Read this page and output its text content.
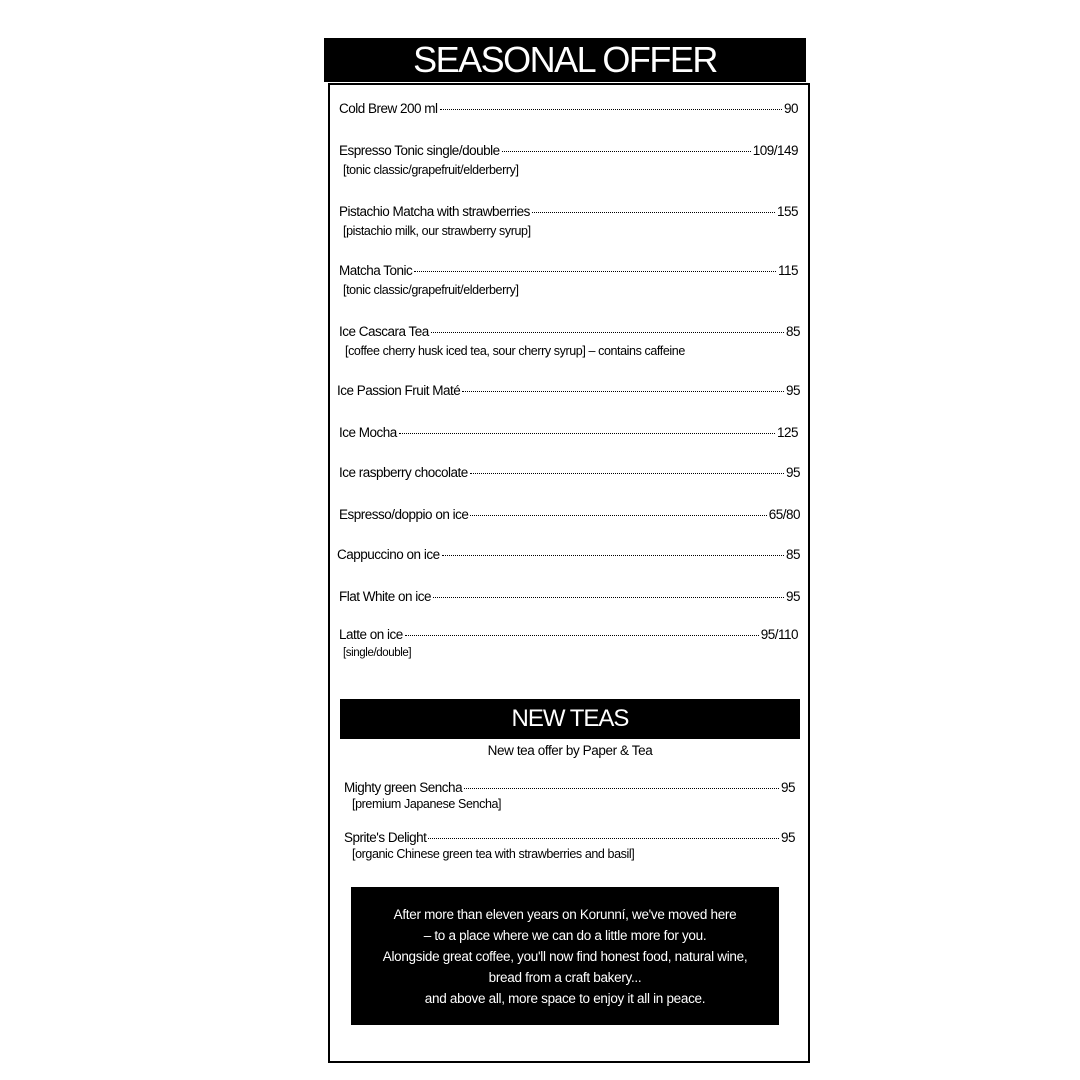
SEASONAL OFFER
Cold Brew 200 ml	90
Espresso Tonic single/double	109/149
[tonic classic/grapefruit/elderberry]
Pistachio Matcha with strawberries	155
[pistachio milk, our strawberry syrup]
Matcha Tonic	115
[tonic classic/grapefruit/elderberry]
Ice Cascara Tea	85
[coffee cherry husk iced tea, sour cherry syrup] – contains caffeine
Ice Passion Fruit Maté	95
Ice Mocha	125
Ice raspberry chocolate	95
Espresso/doppio on ice	65/80
Cappuccino on ice	85
Flat White on ice	95
Latte on ice	95/110
[single/double]
NEW TEAS
New tea offer by Paper & Tea
Mighty green Sencha	95
[premium Japanese Sencha]
Sprite's Delight	95
[organic Chinese green tea with strawberries and basil]
After more than eleven years on Korunní, we've moved here
– to a place where we can do a little more for you.
Alongside great coffee, you'll now find honest food, natural wine,
bread from a craft bakery...
and above all, more space to enjoy it all in peace.
